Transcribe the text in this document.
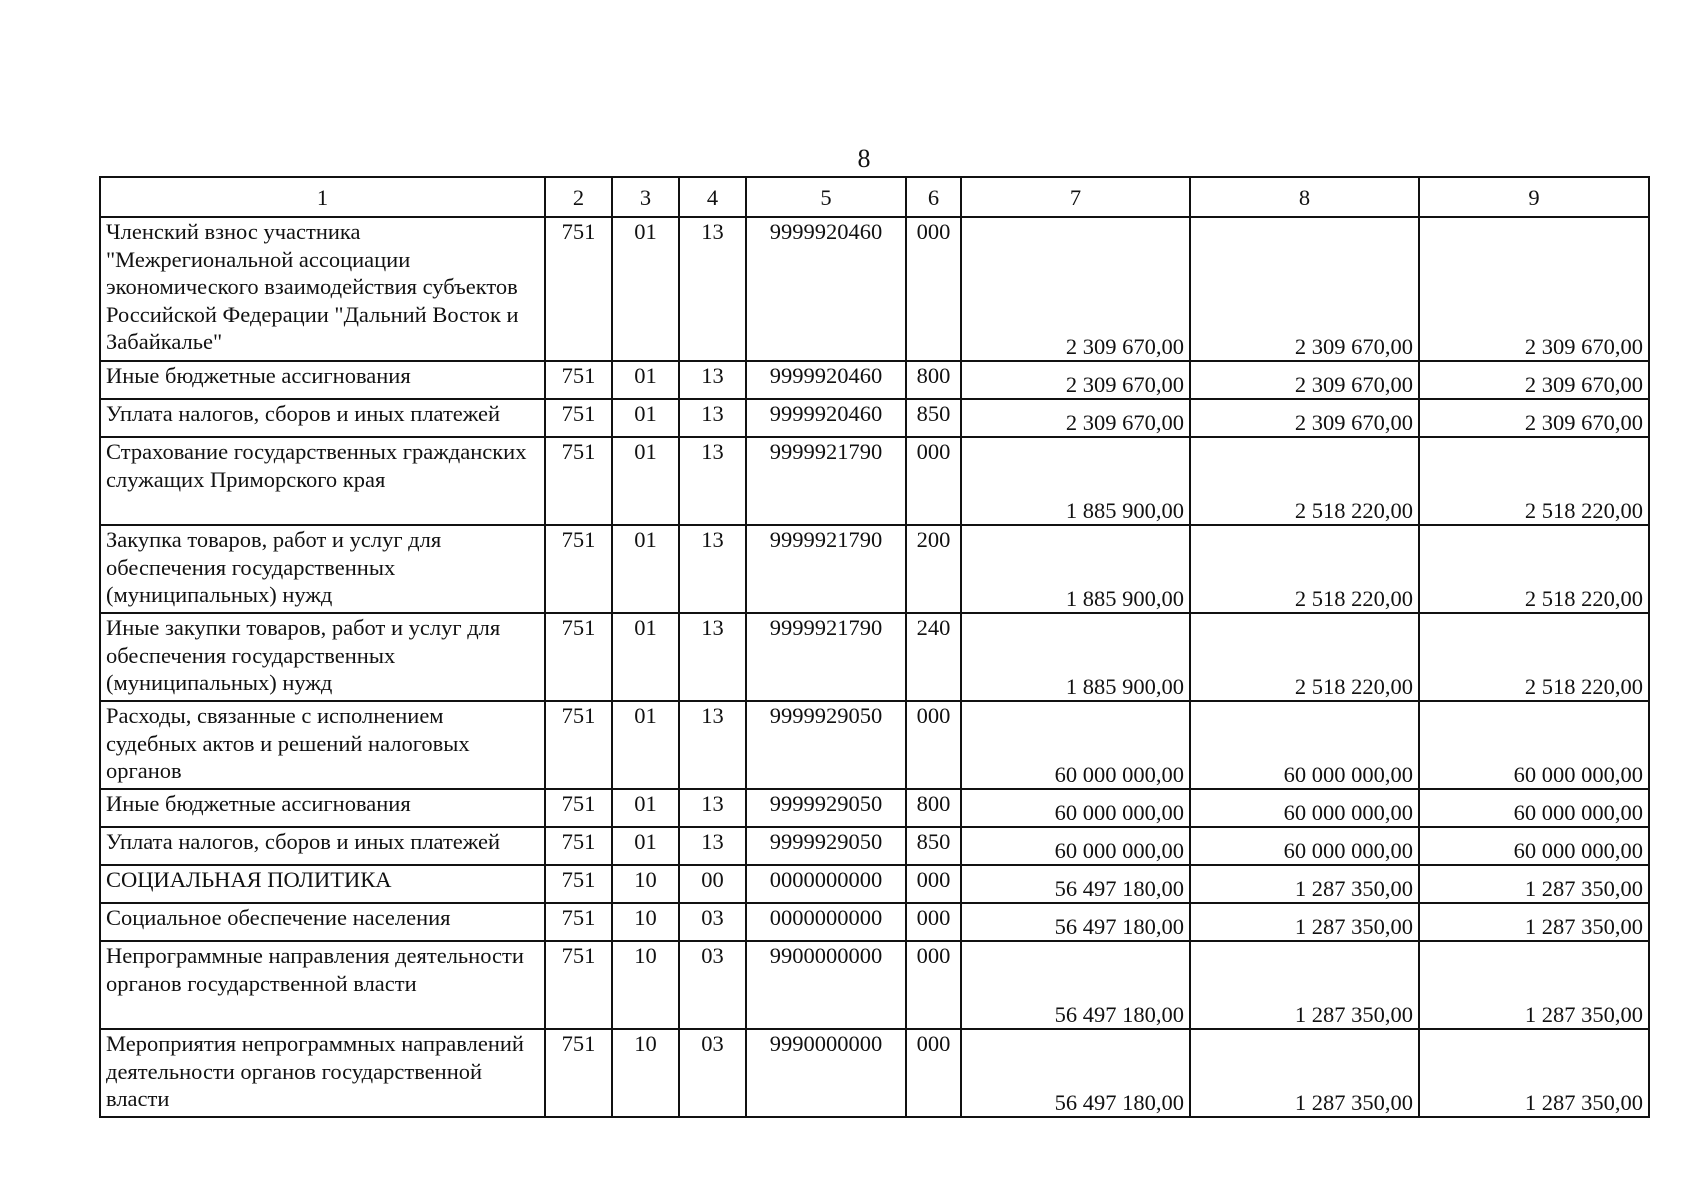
8
1	2	3	4	5	6	7	8	9
Членский взнос участника "Межрегиональной ассоциации экономического взаимодействия субъектов Российской Федерации "Дальний Восток и Забайкалье"	751	01	13	9999920460	000	2 309 670,00	2 309 670,00	2 309 670,00
Иные бюджетные ассигнования	751	01	13	9999920460	800	2 309 670,00	2 309 670,00	2 309 670,00
Уплата налогов, сборов и иных платежей	751	01	13	9999920460	850	2 309 670,00	2 309 670,00	2 309 670,00
Страхование государственных гражданских служащих Приморского края	751	01	13	9999921790	000	1 885 900,00	2 518 220,00	2 518 220,00
Закупка товаров, работ и услуг для обеспечения государственных (муниципальных) нужд	751	01	13	9999921790	200	1 885 900,00	2 518 220,00	2 518 220,00
Иные закупки товаров, работ и услуг для обеспечения государственных (муниципальных) нужд	751	01	13	9999921790	240	1 885 900,00	2 518 220,00	2 518 220,00
Расходы, связанные с исполнением судебных актов и решений налоговых органов	751	01	13	9999929050	000	60 000 000,00	60 000 000,00	60 000 000,00
Иные бюджетные ассигнования	751	01	13	9999929050	800	60 000 000,00	60 000 000,00	60 000 000,00
Уплата налогов, сборов и иных платежей	751	01	13	9999929050	850	60 000 000,00	60 000 000,00	60 000 000,00
СОЦИАЛЬНАЯ ПОЛИТИКА	751	10	00	0000000000	000	56 497 180,00	1 287 350,00	1 287 350,00
Социальное обеспечение населения	751	10	03	0000000000	000	56 497 180,00	1 287 350,00	1 287 350,00
Непрограммные направления деятельности органов государственной власти	751	10	03	9900000000	000	56 497 180,00	1 287 350,00	1 287 350,00
Мероприятия непрограммных направлений деятельности органов государственной власти	751	10	03	9990000000	000	56 497 180,00	1 287 350,00	1 287 350,00
